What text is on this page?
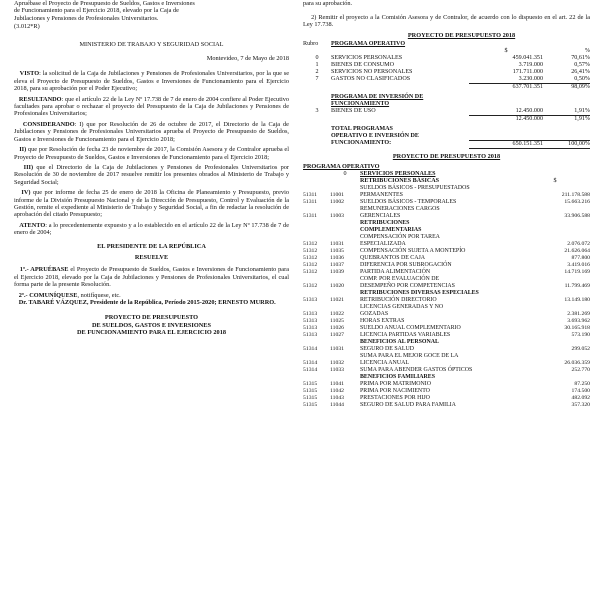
Apruébase el Proyecto de Presupuesto de Sueldos, Gastos e Inversiones
de Funcionamiento para el Ejercicio 2018, elevado por la Caja de
Jubilaciones y Pensiones de Profesionales Universitarios.
(3.012*R)
MINISTERIO DE TRABAJO Y SEGURIDAD SOCIAL
Montevideo, 7 de Mayo de 2018

VISTO: la solicitud de la Caja de Jubilaciones y Pensiones de Profesionales Universitarios, por la que se eleva el Proyecto de Presupuesto de Sueldos, Gastos e Inversiones de Funcionamiento para el Ejercicio 2018, para su aprobación por el Poder Ejecutivo;

RESULTANDO: que el artículo 22 de la Ley Nº 17.738 de 7 de enero de 2004 confiere al Poder Ejecutivo facultades para aprobar o rechazar el proyecto del Presupuesto de la Caja de Jubilaciones y Pensiones de Profesionales Universitarios;

CONSIDERANDO: I) que por Resolución de 26 de octubre de 2017, el Directorio de la Caja de Jubilaciones y Pensiones de Profesionales Universitarios aprueba el Proyecto de Presupuesto de Sueldos, Gastos e Inversiones de Funcionamiento para el Ejercicio 2018;

II) que por Resolución de fecha 23 de noviembre de 2017, la Comisión Asesora y de Contralor aprueba el Proyecto de Presupuesto de Sueldos, Gastos e Inversiones de Funcionamiento para el Ejercicio 2018;

III) que el Directorio de la Caja de Jubilaciones y Pensiones de Profesionales Universitarios por Resolución de 30 de noviembre de 2017 resuelve remitir los presentes obrados al Ministerio de Trabajo y Seguridad Social;

IV) que por informe de fecha 25 de enero de 2018 la Oficina de Planeamiento y Presupuesto, previo informe de la División Presupuesto Nacional y de la Dirección de Presupuesto, Control y Evaluación de la Gestión, remite el expediente al Ministerio de Trabajo y Seguridad Social, a fin de redactar la resolución de aprobación del citado Presupuesto;

ATENTO: a lo precedentemente expuesto y a lo establecido en el artículo 22 de la Ley Nº 17.738 de 7 de enero de 2004;

EL PRESIDENTE DE LA REPÚBLICA
RESUELVE

1º.- APRUÉBASE el Proyecto de Presupuesto de Sueldos, Gastos e Inversiones de Funcionamiento para el Ejercicio 2018, elevado por la Caja de Jubilaciones y Pensiones de Profesionales Universitarios, el cual forma parte de la presente Resolución.

2º.- COMUNÍQUESE, notifíquese, etc.

Dr. TABARÉ VÁZQUEZ, Presidente de la República, Período 2015-2020; ERNESTO MURRO.

PROYECTO DE PRESUPUESTO
DE SUELDOS, GASTOS E INVERSIONES
DE FUNCIONAMIENTO PARA EL EJERCICIO 2018
para su aprobación.

2) Remitir el proyecto a la Comisión Asesora y de Contralor, de acuerdo con lo dispuesto en el art. 22 de la Ley 17.738.

PROYECTO DE PRESUPUESTO 2018
Rubro	PROGRAMA OPERATIVO		
		$	%
0	SERVICIOS PERSONALES	459.041.351	70,61%
1	BIENES DE CONSUMO	3.719.000	0,57%
2	SERVICIOS NO PERSONALES	171.711.000	26,41%
7	GASTOS NO CLASIFICADOS	3.230.000	0,50%
		637.701.351	98,09%

	PROGRAMA DE INVERSIÓN DE		
	FUNCIONAMIENTO		
3	BIENES DE USO	12.450.000	1,91%
		12.450.000	1,91%

	TOTAL PROGRAMAS		
	OPERATIVO E INVERSIÓN DE		
	FUNCIONAMIENTO:	650.151.351	100,00%
PROYECTO DE PRESUPUESTO 2018
PROGRAMA OPERATIVO
	0	SERVICIOS PERSONALES	
		RETRIBUCIONES BÁSICAS	$
		SUELDOS BÁSICOS - PRESUPUESTADOS	
51311	11001	PERMANENTES	211.178.588
51311	11002	SUELDOS BÁSICOS - TEMPORALES	15.663.216
		REMUNERACIONES CARGOS	
51311	11003	GERENCIALES	33.906.588
		RETRIBUCIONES	
		COMPLEMENTARIAS	
		COMPENSACIÓN POR TAREA	
51312	11031	ESPECIALIZADA	2.076.072
51312	11035	COMPENSACIÓN SUJETA A MONTEPÍO	21.626.064
51312	11036	QUEBRANTOS DE CAJA	877.800
51312	11037	DIFERENCIA POR SUBROGACIÓN	3.419.016
51312	11039	PARTIDA ALIMENTACIÓN	14.719.169
		COMP. POR EVALUACIÓN DE	
51312	11020	DESEMPEÑO POR COMPETENCIAS	11.799.469
		RETRIBUCIONES DIVERSAS ESPECIALES	
51313	11021	RETRIBUCIÓN DIRECTORIO	13.149.180
		LICENCIAS GENERADAS Y NO	
51313	11022	GOZADAS	2.381.269
51313	11025	HORAS EXTRAS	3.693.962
51313	11026	SUELDO ANUAL COMPLEMENTARIO	30.165.918
51313	11027	LICENCIA PARTIDAS VARIABLES	573.190
		BENEFICIOS AL PERSONAL	
51314	11031	SEGURO DE SALUD	299.052
		SUMA PARA EL MEJOR GOCE DE LA	
51314	11032	LICENCIA ANUAL	26.036.359
51314	11033	SUMA PARA ABENDER GASTOS ÓPTICOS	252.770
		BENEFICIOS FAMILIARES	
51315	11041	PRIMA POR MATRIMONIO	87.250
51315	11042	PRIMA POR NACIMIENTO	174.500
51315	11043	PRESTACIONES POR HIJO	482.092
51315	11044	SEGURO DE SALUD PARA FAMILIA	357.320
